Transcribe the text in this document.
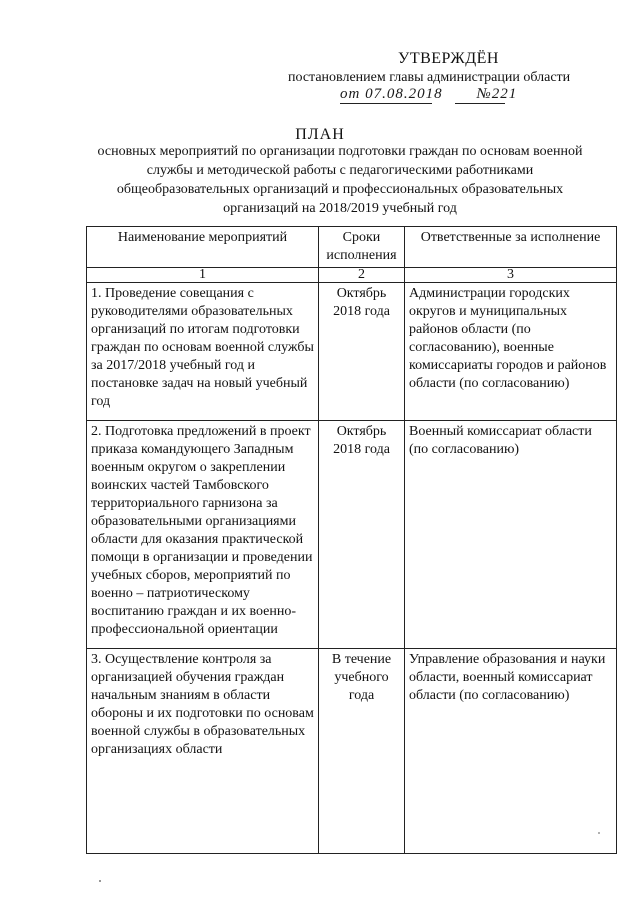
УТВЕРЖДЁН
постановлением главы администрации области
от 07.08.2018 №221
ПЛАН
основных мероприятий по организации подготовки граждан по основам военной службы и методической работы с педагогическими работниками общеобразовательных организаций и профессиональных образовательных организаций на 2018/2019 учебный год
Наименование мероприятий	Сроки исполнения	Ответственные за исполнение
1	2	3
1. Проведение совещания с руководителями образовательных организаций по итогам подготовки граждан по основам военной службы за 2017/2018 учебный год и постановке задач на новый учебный год	Октябрь 2018 года	Администрации городских округов и муниципальных районов области (по согласованию), военные комиссариаты городов и районов области (по согласованию)
2. Подготовка предложений в проект приказа командующего Западным военным округом о закреплении воинских частей Тамбовского территориального гарнизона за образовательными организациями области для оказания практической помощи в организации и проведении учебных сборов, мероприятий по военно – патриотическому воспитанию граждан и их военно-профессиональной ориентации	Октябрь 2018 года	Военный комиссариат области (по согласованию)
3. Осуществление контроля за организацией обучения граждан начальным знаниям в области обороны и их подготовки по основам военной службы в образовательных организациях области	В течение учебного года	Управление образования и науки области, военный комиссариат области (по согласованию)
